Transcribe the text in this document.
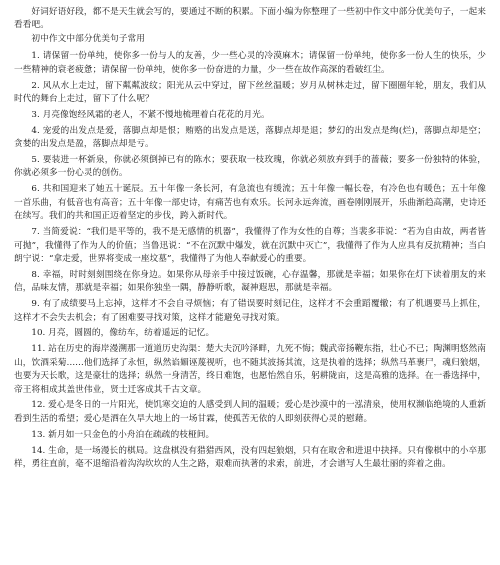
好词好语好段，都不是天生就会写的，要通过不断的积累。下面小编为你整理了一些初中作文中部分优美句子，一起来看看吧。

初中作文中部分优美句子常用

1. 请保留一份单纯，使你多一份与人的友善，少一些心灵的冷漠麻木；请保留一份单纯，使你多一份人生的快乐，少一些精神的衰老疲惫；请保留一份单纯，使你多一份奋进的力量，少一些在故作高深的看破红尘。

2. 风从水上走过，留下粼粼波纹；阳光从云中穿过，留下丝丝温暖；岁月从树林走过，留下圈圈年轮，朋友，我们从时代的舞台上走过，留下了什么呢？

3. 月亮像饱经风霜的老人，不紧不慢地梳理着白花花的月光。

4. 宠爱的出发点是爱，落脚点却是恨；贿赂的出发点是送，落脚点却是退；梦幻的出发点是绚(烂)，落脚点却是空；贪婪的出发点是盈，落脚点却是亏。

5. 要装进一杯新泉，你就必须倒掉已有的陈水；要获取一枝玫瑰，你就必须放弃到手的蔷薇；要多一份独特的体验，你就必须多一份心灵的创伤。

6. 共和国迎来了她五十诞辰。五十年像一条长河，有急流也有缓流；五十年像一幅长卷，有冷色也有暖色；五十年像一首乐曲，有低音也有高音；五十年像一部史诗，有痛苦也有欢乐。长河永远奔流，画卷刚刚展开，乐曲渐趋高潮，史诗还在续写。我们的共和国正迈着坚定的步伐，跨入新时代。

7. 当简爱说：“我们是平等的，我不是无感情的机器”，我懂得了作为女性的自尊；当裴多菲说：“若为自由故，两者皆可抛”，我懂得了作为人的价值；当鲁迅说：“不在沉默中爆发，就在沉默中灭亡”，我懂得了作为人应具有反抗精神；当白朗宁说：“拿走爱，世界将变成一座坟墓”，我懂得了为他人奉献爱心的重要。

8. 幸福，时时刻刻围绕在你身边。如果你从母亲手中接过饭碗，心存温馨，那就是幸福；如果你在灯下读着朋友的来信，品味友情，那就是幸福；如果你独坐一隅，静静听歌，凝神遐思，那就是幸福。

9. 有了成绩要马上忘掉，这样才不会自寻烦恼；有了错误要时刻记住，这样才不会重蹈覆辙；有了机遇要马上抓住，这样才不会失去机会；有了困难要寻找对策，这样才能避免寻找对策。

10. 月亮，圆圆的，像纺车，纺着遥远的记忆。

11. 站在历史的海岸漫溯那一道道历史沟渠：楚大夫沉吟泽畔，九死不悔；魏武帝扬鞭东指，壮心不已；陶渊明悠然南山，饮酒采菊……他们选择了永恒，纵然谄媚诬蔑视听，也不随其波扬其流，这是执着的选择；纵然马革裹尸，魂归狼烟，也要为天长歌，这是豪壮的选择；纵然一身清苦，终日难饱，也愿怡然自乐，躬耕陇亩，这是高雅的选择。在一番选择中，帝王将相成其盖世伟业，贤士迁客成其千古文章。

12. 爱心是冬日的一片阳光，使饥寒交迫的人感受到人间的温暖；爱心是沙漠中的一泓清泉，使用权濒临绝境的人重新看到生活的希望；爱心是洒在久旱大地上的一场甘霖，使孤苦无依的人即刻获得心灵的慰藉。

13. 新月如一只金色的小舟泊在疏疏的枝桠间。

14. 生命，是一场漫长的棋局。这盘棋没有猎猎西风，没有四起狼烟，只有在取舍和进退中抉择。只有像棋中的小卒那样，勇往直前，毫不退缩沿着沟沟坎坎的人生之路，艰难而执著的求索，前进，才会谱写人生最壮丽的弈着之曲。
